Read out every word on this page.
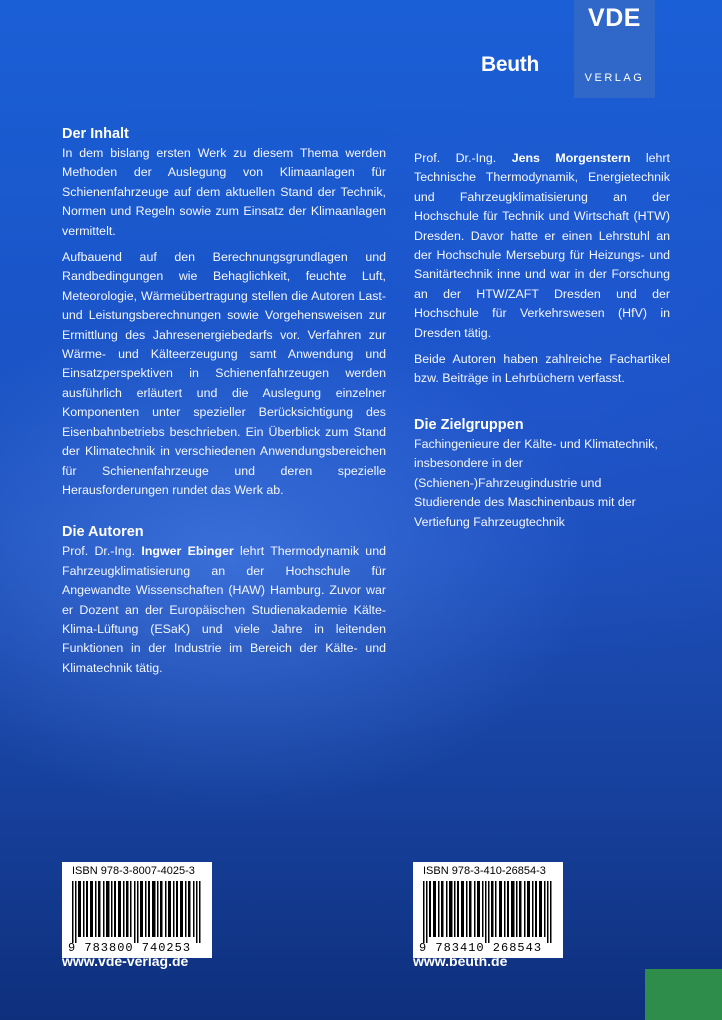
VDE
VERLAG
Beuth
Der Inhalt

In dem bislang ersten Werk zu diesem Thema werden Methoden der Auslegung von Klimaanlagen für Schienenfahrzeuge auf dem aktuellen Stand der Technik, Normen und Regeln sowie zum Einsatz der Klimaanlagen vermittelt.

Aufbauend auf den Berechnungsgrundlagen und Randbedingungen wie Behaglichkeit, feuchte Luft, Meteorologie, Wärmeübertragung stellen die Autoren Last- und Leistungsberechnungen sowie Vorgehensweisen zur Ermittlung des Jahresenergiebedarfs vor. Verfahren zur Wärme- und Kälteerzeugung samt Anwendung und Einsatzperspektiven in Schienenfahrzeugen werden ausführlich erläutert und die Auslegung einzelner Komponenten unter spezieller Berücksichtigung des Eisenbahnbetriebs beschrieben. Ein Überblick zum Stand der Klimatechnik in verschiedenen Anwendungsbereichen für Schienenfahrzeuge und deren spezielle Herausforderungen rundet das Werk ab.

Die Autoren

Prof. Dr.-Ing. Ingwer Ebinger lehrt Thermodynamik und Fahrzeugklimatisierung an der Hochschule für Angewandte Wissenschaften (HAW) Hamburg. Zuvor war er Dozent an der Europäischen Studienakademie Kälte-Klima-Lüftung (ESaK) und viele Jahre in leitenden Funktionen in der Industrie im Bereich der Kälte- und Klimatechnik tätig.

Prof. Dr.-Ing. Jens Morgenstern lehrt Technische Thermodynamik, Energietechnik und Fahrzeugklimatisierung an der Hochschule für Technik und Wirtschaft (HTW) Dresden. Davor hatte er einen Lehrstuhl an der Hochschule Merseburg für Heizungs- und Sanitärtechnik inne und war in der Forschung an der HTW/ZAFT Dresden und der Hochschule für Verkehrswesen (HfV) in Dresden tätig.

Beide Autoren haben zahlreiche Fachartikel bzw. Beiträge in Lehrbüchern verfasst.

Die Zielgruppen

Fachingenieure der Kälte- und Klimatechnik, insbesondere in der (Schienen-)Fahrzeugindustrie und Studierende des Maschinenbaus mit der Vertiefung Fahrzeugtechnik

ISBN 978-3-8007-4025-3
9 783800 740253
www.vde-verlag.de
ISBN 978-3-410-26854-3
9 783410 268543
www.beuth.de
